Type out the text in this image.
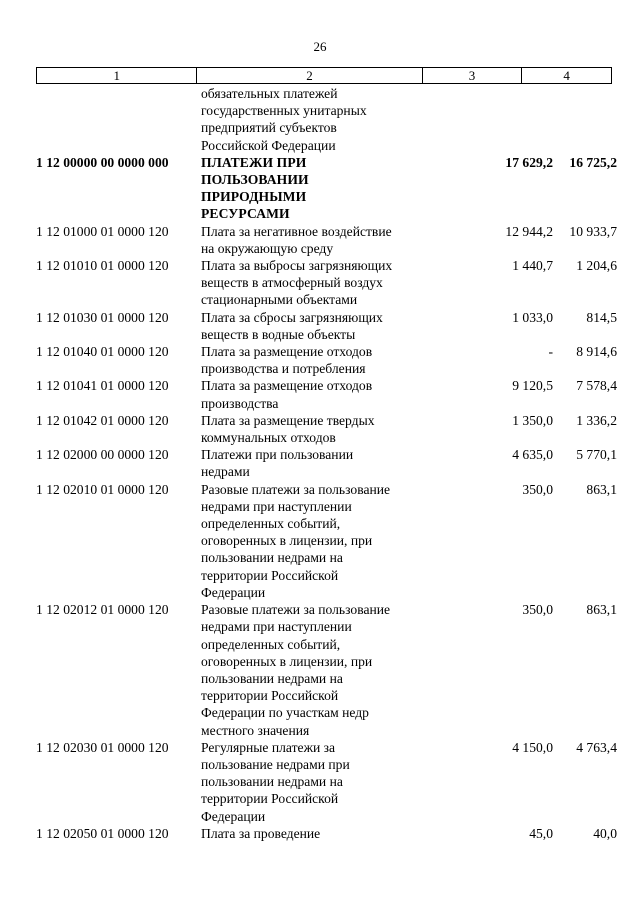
26
1	2	3	4
обязательных платежей
государственных унитарных
предприятий субъектов
Российской Федерации
1 12 00000 00 0000 000	ПЛАТЕЖИ ПРИ
ПОЛЬЗОВАНИИ
ПРИРОДНЫМИ
РЕСУРСАМИ
17 629,2	16 725,2
1 12 01000 01 0000 120	Плата за негативное воздействие
на окружающую среду
12 944,2	10 933,7
1 12 01010 01 0000 120	Плата за выбросы загрязняющих
веществ в атмосферный воздух
стационарными объектами
1 440,7	1 204,6
1 12 01030 01 0000 120	Плата за сбросы загрязняющих
веществ в водные объекты
1 033,0	814,5
1 12 01040 01 0000 120	Плата за размещение отходов
производства и потребления
-	8 914,6
1 12 01041 01 0000 120	Плата за размещение отходов
производства
9 120,5	7 578,4
1 12 01042 01 0000 120	Плата за размещение твердых
коммунальных отходов
1 350,0	1 336,2
1 12 02000 00 0000 120	Платежи при пользовании
недрами
4 635,0	5 770,1
1 12 02010 01 0000 120	Разовые платежи за пользование
недрами при наступлении
определенных событий,
оговоренных в лицензии, при
пользовании недрами на
территории Российской
Федерации
350,0	863,1
1 12 02012 01 0000 120	Разовые платежи за пользование
недрами при наступлении
определенных событий,
оговоренных в лицензии, при
пользовании недрами на
территории Российской
Федерации по участкам недр
местного значения
350,0	863,1
1 12 02030 01 0000 120	Регулярные платежи за
пользование недрами при
пользовании недрами на
территории Российской
Федерации
4 150,0	4 763,4
1 12 02050 01 0000 120	Плата за проведение	45,0	40,0
